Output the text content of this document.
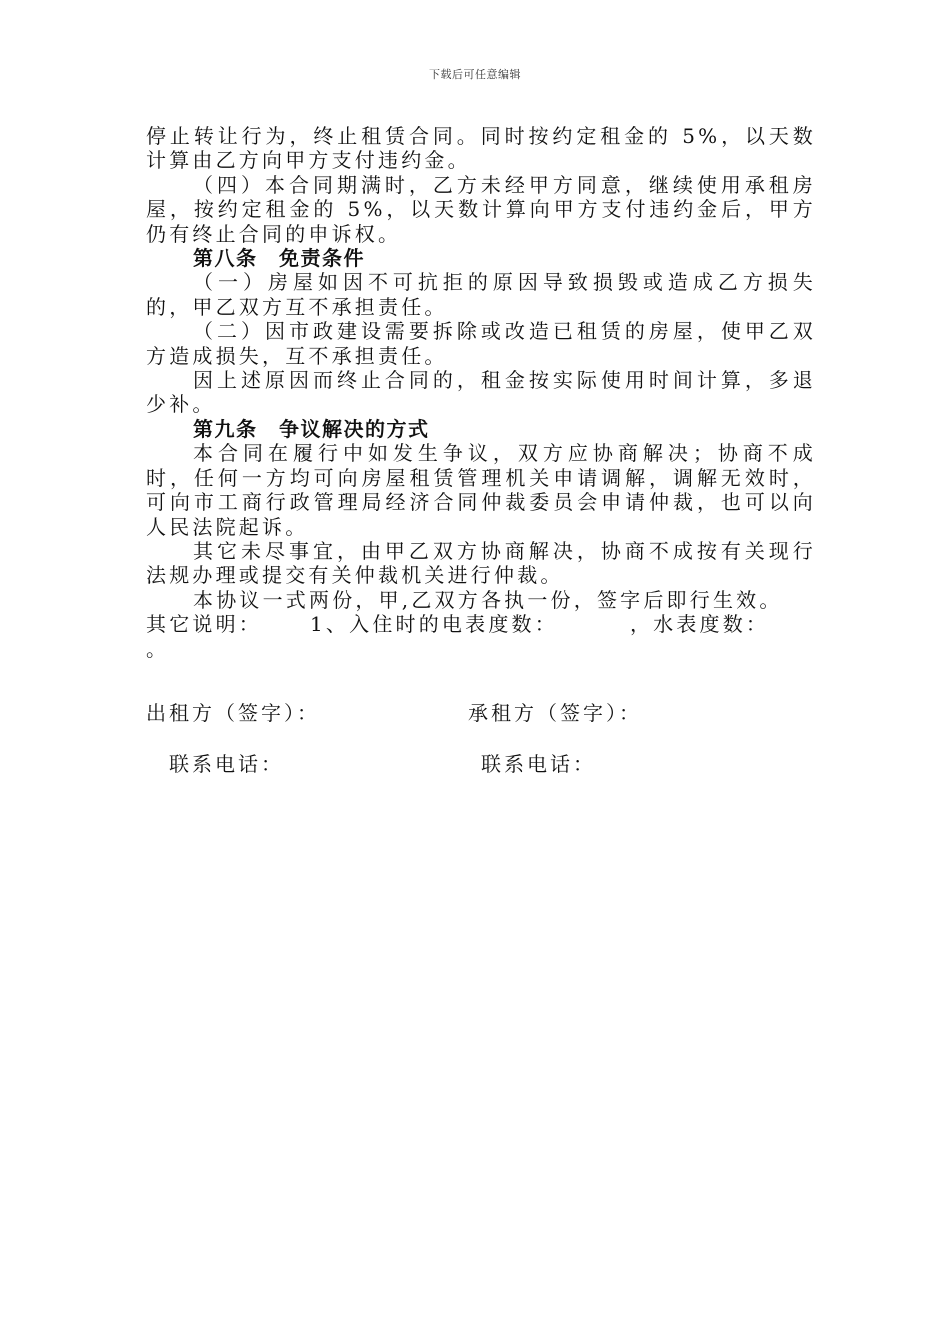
下载后可任意编辑

停止转让行为，终止租赁合同。同时按约定租金的 5%，以天数计算由乙方向甲方支付违约金。

（四）本合同期满时，乙方未经甲方同意，继续使用承租房屋，按约定租金的 5%，以天数计算向甲方支付违约金后，甲方仍有终止合同的申诉权。

第八条　免责条件

（一）房屋如因不可抗拒的原因导致损毁或造成乙方损失的，甲乙双方互不承担责任。

（二）因市政建设需要拆除或改造已租赁的房屋，使甲乙双方造成损失，互不承担责任。

因上述原因而终止合同的，租金按实际使用时间计算，多退少补。

第九条　争议解决的方式

本合同在履行中如发生争议，双方应协商解决；协商不成时，任何一方均可向房屋租赁管理机关申请调解，调解无效时，可向市工商行政管理局经济合同仲裁委员会申请仲裁，也可以向人民法院起诉。

其它未尽事宜，由甲乙双方协商解决，协商不成按有关现行法规办理或提交有关仲裁机关进行仲裁。

本协议一式两份，甲,乙双方各执一份，签字后即行生效。

其它说明： 1、入住时的电表度数：	，水表度数：

。

出租方（签字）：	承租方（签字）：
联系电话：	联系电话：
